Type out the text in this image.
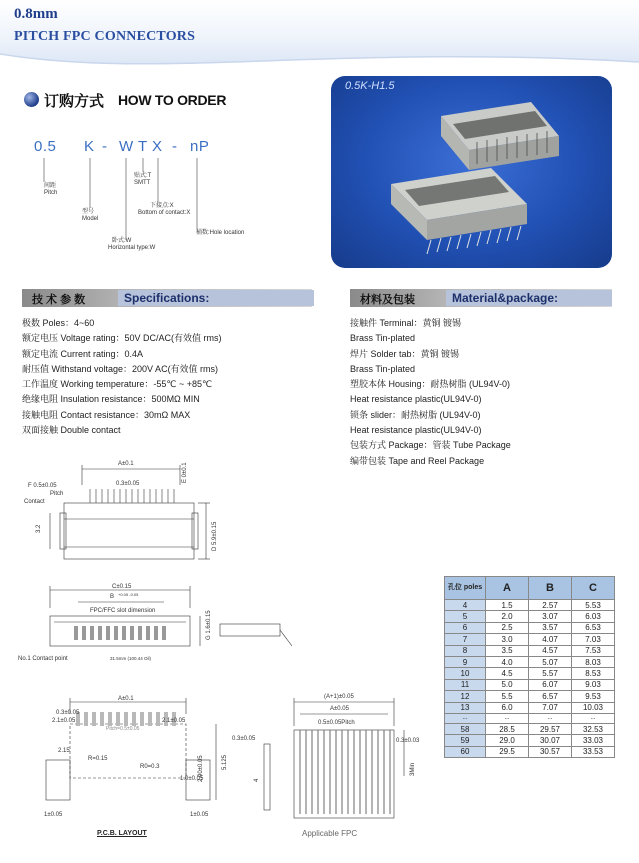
0.8mm
PITCH FPC CONNECTORS
订购方式 HOW TO ORDER
0.5 K - W T X - nP
间距
Pitch
型号
Model
贴式:T
SMTT
下接点:X
Bottom of contact:X
卧式:W
Horizontal type:W
桶数:Hole location
0.5K-H1.5
技 术 参 数	Specifications:	材料及包装	Material&package:
极数 Poles：4~60
额定电压 Voltage rating：50V DC/AC(有效值 rms)
额定电流 Current rating：0.4A
耐压值 Withstand voltage：200V AC(有效值 rms)
工作温度 Working temperature：-55℃ ~ +85℃
绝缘电阻 Insulation resistance：500MΩ MIN
接触电阻 Contact resistance：30mΩ MAX
双面接触 Double contact
接触件 Terminal：黄铜 镀锡
Brass Tin-plated
焊片 Solder tab：黄铜 镀锡
Brass Tin-plated
塑胶本体 Housing：耐热树脂 (UL94V-0)
Heat resistance plastic(UL94V-0)
锁条 slider：耐热树脂 (UL94V-0)
Heat resistance plastic(UL94V-0)
包装方式 Package：管装 Tube Package
编带包装 Tape and Reel Package
A±0.1
F 0.5±0.05
Pitch
Contact
0.3±0.05
E 0±0.1
3.2	D 5.9±0.15
C±0.15
B +0.05 -0.05
FPC/FFC slot dimension	G 1.6±0.15
No.1 Contact point	31.5mm (100.44 Oil)
A±0.1
0.3±0.05
2.1±0.05	2.1±0.05
Pitch=0.5±0.05
R=0.15
R0=0.3
2.15
2.90±0.05	5.125
1.0±0.05
1±0.05	1±0.05
P.C.B. LAYOUT
(A+1)±0.05
A±0.05
0.5±0.05Pitch
0.3±0.05	0.3±0.03
4
3Min
Applicable FPC
孔位 poles	A	B	C
4	1.5	2.57	5.53
5	2.0	3.07	6.03
6	2.5	3.57	6.53
7	3.0	4.07	7.03
8	3.5	4.57	7.53
9	4.0	5.07	8.03
10	4.5	5.57	8.53
11	5.0	6.07	9.03
12	5.5	6.57	9.53
13	6.0	7.07	10.03
...	...	...	...
58	28.5	29.57	32.53
59	29.0	30.07	33.03
60	29.5	30.57	33.53
